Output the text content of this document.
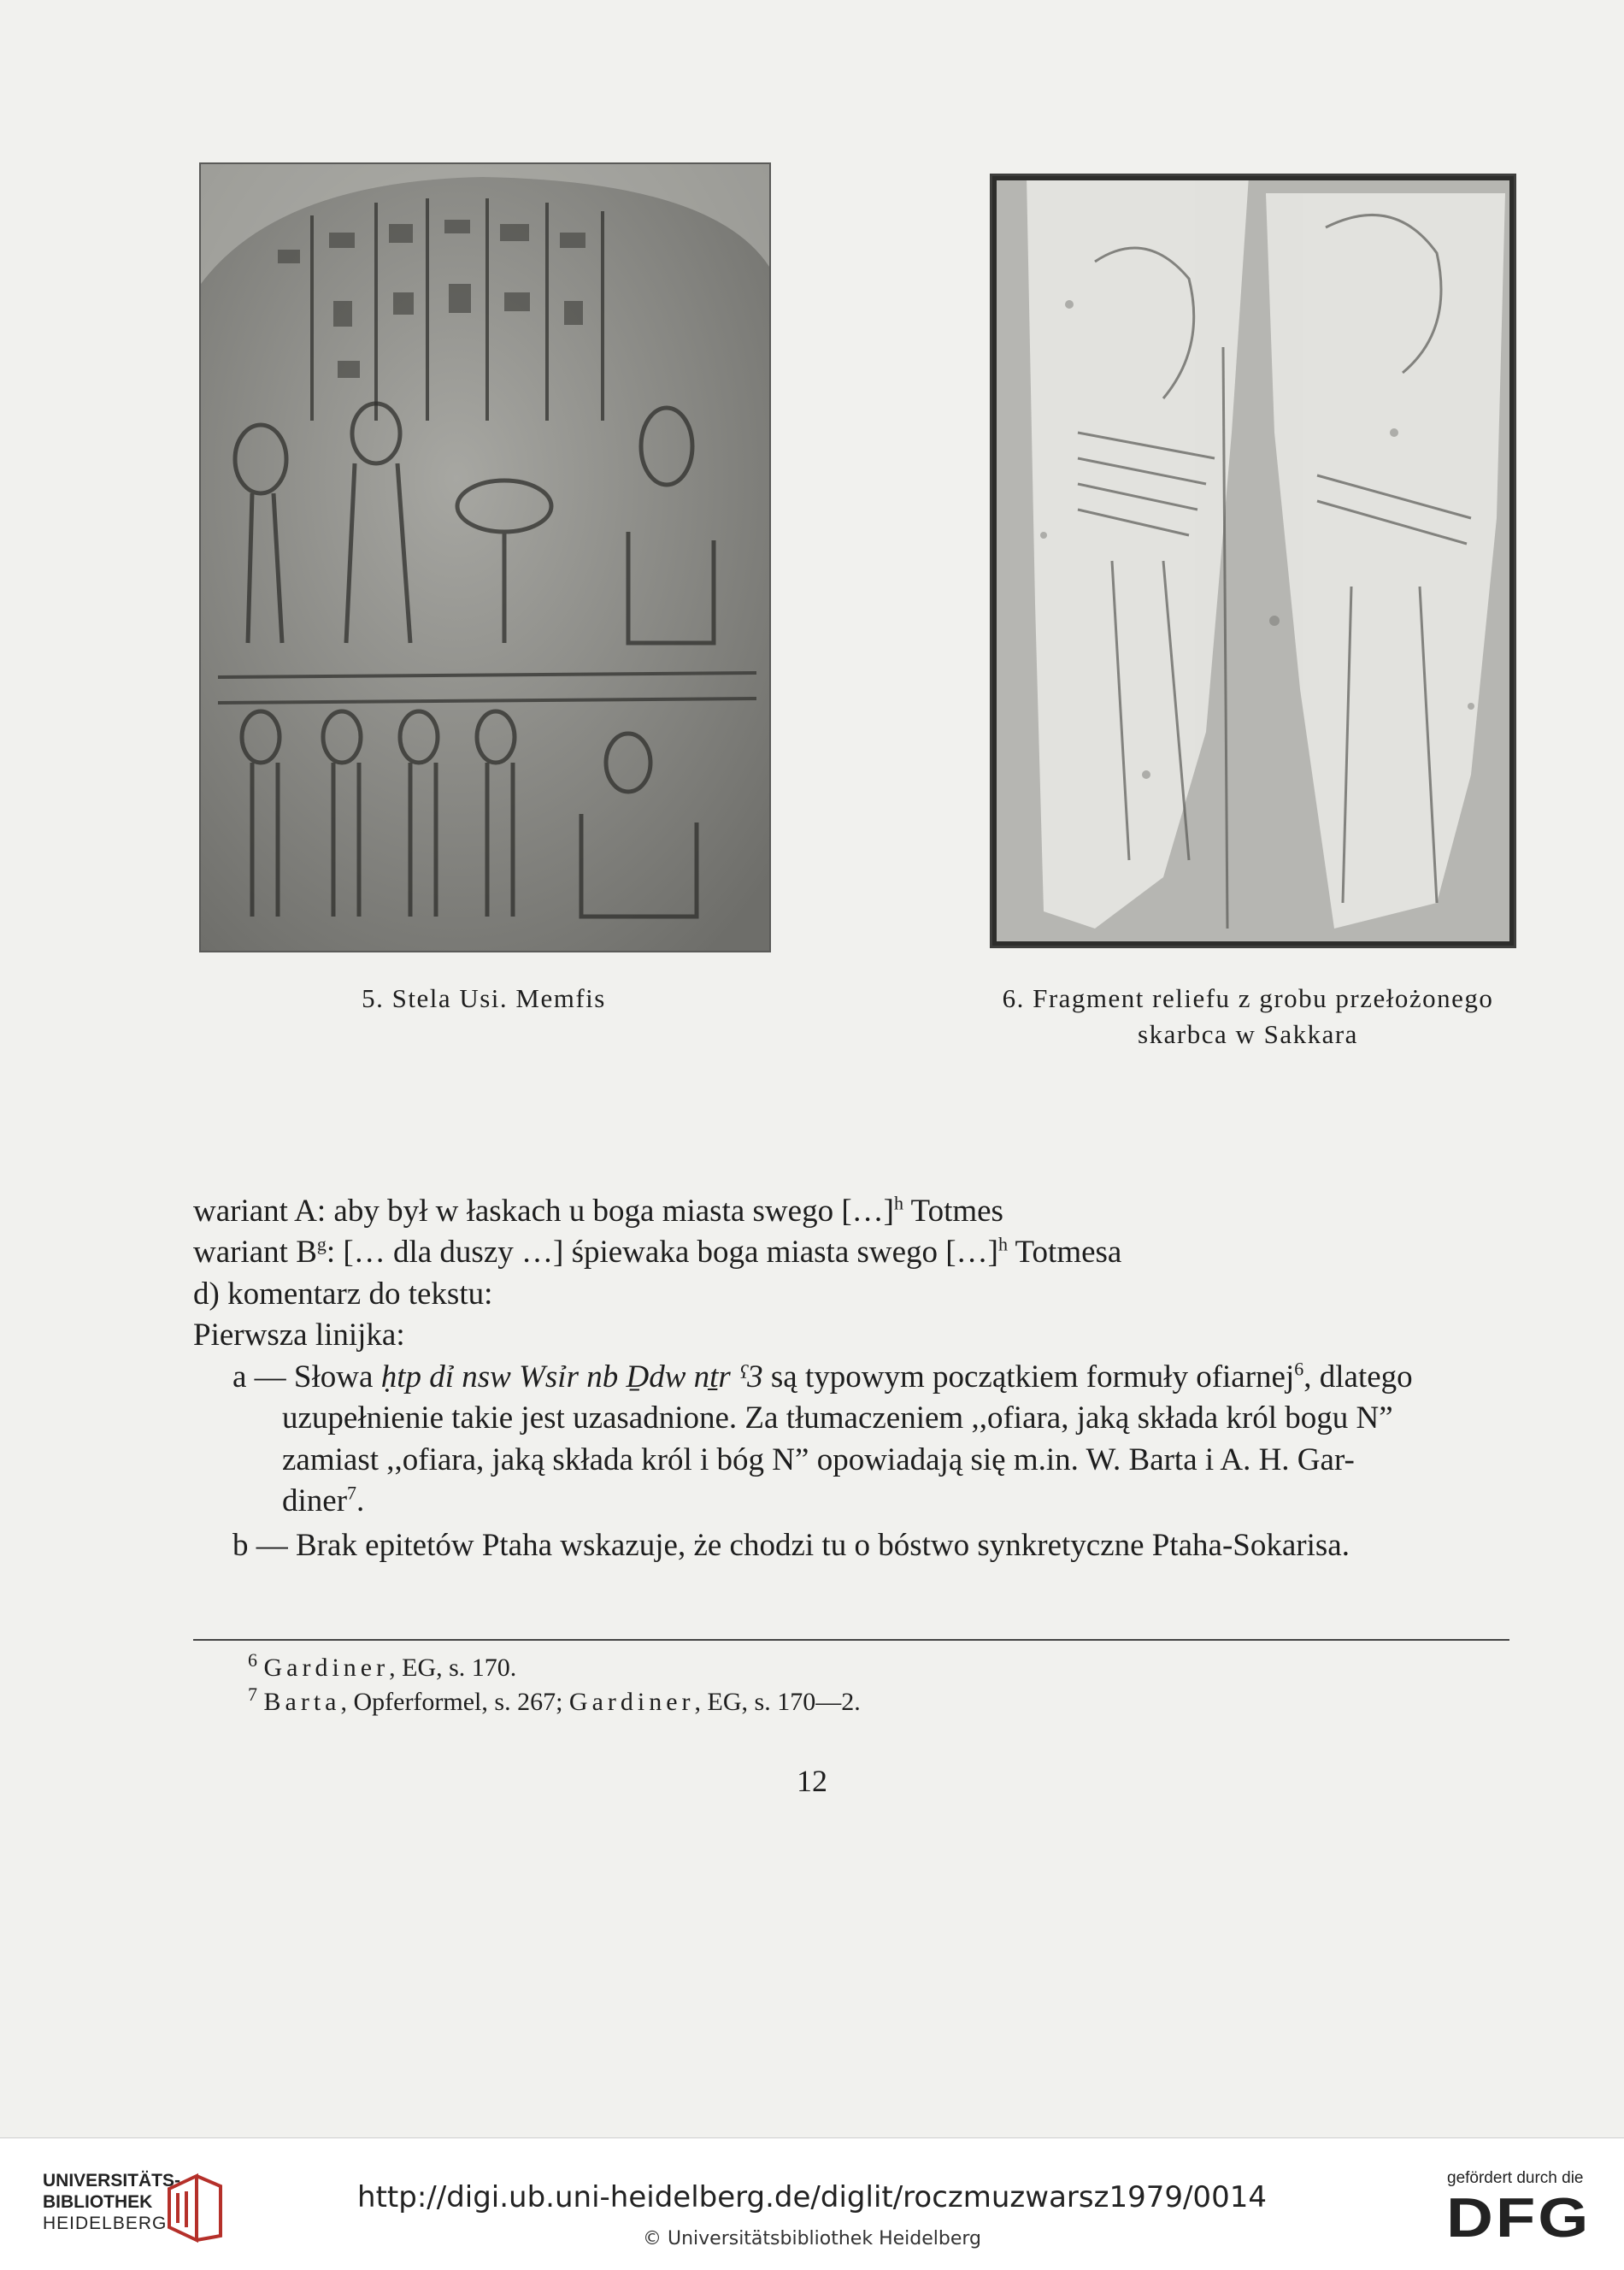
5. Stela Usi. Memfis	6. Fragment reliefu z grobu przełożonego
skarbca w Sakkara
wariant A: aby był w łaskach u boga miasta swego […]$^h$ Totmes
wariant $B^g$: [… dla duszy …] śpiewaka boga miasta swego […]$^h$ Totmesa
d) komentarz do tekstu:
Pierwsza linijka:
a — Słowa ḥtp dỉ nsw Wsỉr nb Ḏdw nṯr ˁ3 są typowym początkiem formuły ofiarnej$^6$, dlatego
uzupełnienie takie jest uzasadnione. Za tłumaczeniem ,,ofiara, jaką składa król bogu N”
zamiast ,,ofiara, jaką składa król i bóg N” opowiadają się m.in. W. Barta i A. H. Gar-
diner$^7$.
b — Brak epitetów Ptaha wskazuje, że chodzi tu o bóstwo synkretyczne Ptaha-Sokarisa.
$^6$ Gardiner, EG, s. 170.
$^7$ Barta, Opferformel, s. 267; Gardiner, EG, s. 170—2.
12
UNIVERSITÄTS-
BIBLIOTHEK
HEIDELBERG
http://digi.ub.uni-heidelberg.de/diglit/roczmuzwarsz1979/0014
© Universitätsbibliothek Heidelberg
gefördert durch die
DFG
